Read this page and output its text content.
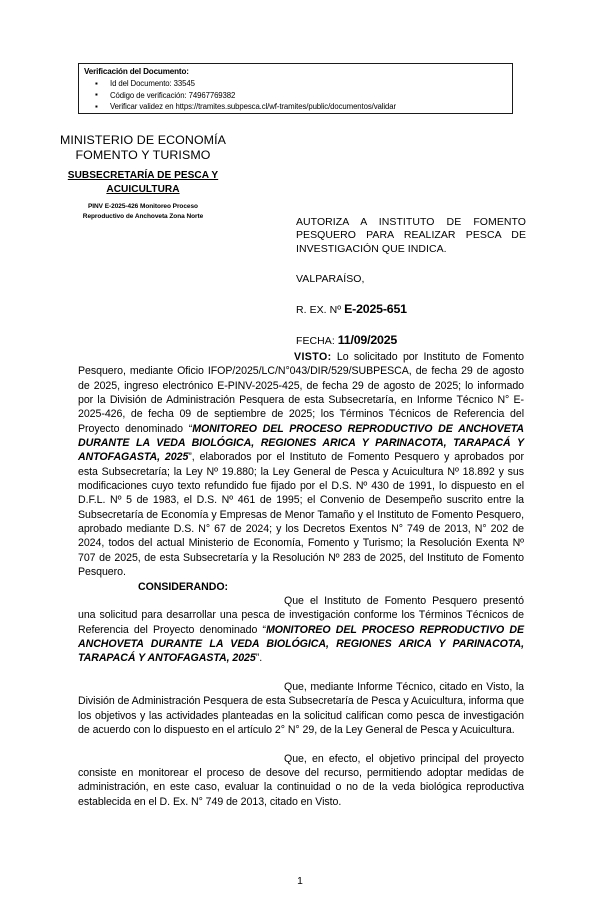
Verificación del Documento:
▪ Id del Documento: 33545
▪ Código de verificación: 74967769382
▪ Verificar validez en https://tramites.subpesca.cl/wf-tramites/public/documentos/validar
MINISTERIO DE ECONOMÍA
FOMENTO Y TURISMO
SUBSECRETARÍA DE PESCA Y
ACUICULTURA
PINV E-2025-426 Monitoreo Proceso
Reproductivo de Anchoveta Zona Norte	AUTORIZA A INSTITUTO DE FOMENTO PESQUERO PARA REALIZAR PESCA DE INVESTIGACIÓN QUE INDICA.
VALPARAÍSO,
R. EX. Nº E-2025-651
FECHA: 11/09/2025

VISTO: Lo solicitado por Instituto de Fomento Pesquero, mediante Oficio IFOP/2025/LC/N°043/DIR/529/SUBPESCA, de fecha 29 de agosto de 2025, ingreso electrónico E-PINV-2025-425, de fecha 29 de agosto de 2025; lo informado por la División de Administración Pesquera de esta Subsecretaría, en Informe Técnico N° E-2025-426, de fecha 09 de septiembre de 2025; los Términos Técnicos de Referencia del Proyecto denominado “MONITOREO DEL PROCESO REPRODUCTIVO DE ANCHOVETA DURANTE LA VEDA BIOLÓGICA, REGIONES ARICA Y PARINACOTA, TARAPACÁ Y ANTOFAGASTA, 2025”, elaborados por el Instituto de Fomento Pesquero y aprobados por esta Subsecretaría; la Ley Nº 19.880; la Ley General de Pesca y Acuicultura Nº 18.892 y sus modificaciones cuyo texto refundido fue fijado por el D.S. Nº 430 de 1991, lo dispuesto en el D.F.L. Nº 5 de 1983, el D.S. Nº 461 de 1995; el Convenio de Desempeño suscrito entre la Subsecretaría de Economía y Empresas de Menor Tamaño y el Instituto de Fomento Pesquero, aprobado mediante D.S. N° 67 de 2024; y los Decretos Exentos N° 749 de 2013, N° 202 de 2024, todos del actual Ministerio de Economía, Fomento y Turismo; la Resolución Exenta Nº 707 de 2025, de esta Subsecretaría y la Resolución Nº 283 de 2025, del Instituto de Fomento Pesquero.

CONSIDERANDO:

Que el Instituto de Fomento Pesquero presentó una solicitud para desarrollar una pesca de investigación conforme los Términos Técnicos de Referencia del Proyecto denominado “MONITOREO DEL PROCESO REPRODUCTIVO DE ANCHOVETA DURANTE LA VEDA BIOLÓGICA, REGIONES ARICA Y PARINACOTA, TARAPACÁ Y ANTOFAGASTA, 2025”.

Que, mediante Informe Técnico, citado en Visto, la División de Administración Pesquera de esta Subsecretaría de Pesca y Acuicultura, informa que los objetivos y las actividades planteadas en la solicitud califican como pesca de investigación de acuerdo con lo dispuesto en el artículo 2° N° 29, de la Ley General de Pesca y Acuicultura.

Que, en efecto, el objetivo principal del proyecto consiste en monitorear el proceso de desove del recurso, permitiendo adoptar medidas de administración, en este caso, evaluar la continuidad o no de la veda biológica reproductiva establecida en el D. Ex. N° 749 de 2013, citado en Visto.

1
